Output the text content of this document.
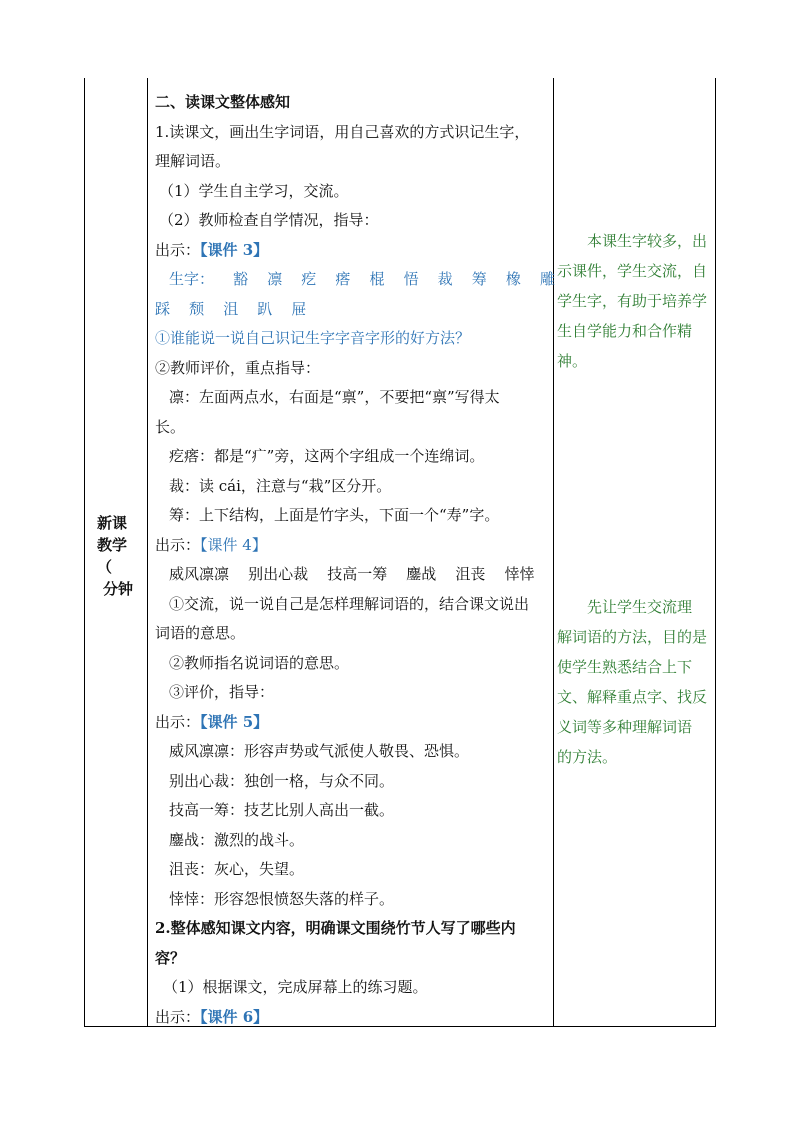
新课
教学
（
分钟
二、读课文整体感知
1.读课文，画出生字词语，用自己喜欢的方式识记生字，
理解词语。
（1）学生自主学习，交流。
（2）教师检查自学情况，指导：
出示：【课件 3】
生字： 豁 凛 疙 瘩 棍 悟 裁 筹 橡 雕
踩 颓 沮 趴 屉
①谁能说一说自己识记生字字音字形的好方法？
②教师评价，重点指导：
凛：左面两点水，右面是“禀”，不要把“禀”写得太
长。
疙瘩：都是“疒”旁，这两个字组成一个连绵词。
裁：读 cái，注意与“栽”区分开。
筹：上下结构，上面是竹字头，下面一个“寿”字。
出示：【课件 4】
威风凛凛 别出心裁 技高一筹 鏖战 沮丧 悻悻
①交流，说一说自己是怎样理解词语的，结合课文说出
词语的意思。
②教师指名说词语的意思。
③评价，指导：
出示：【课件 5】
威风凛凛：形容声势或气派使人敬畏、恐惧。
别出心裁：独创一格，与众不同。
技高一筹：技艺比别人高出一截。
鏖战：激烈的战斗。
沮丧：灰心，失望。
悻悻：形容怨恨愤怒失落的样子。
2.整体感知课文内容，明确课文围绕竹节人写了哪些内
容？
（1）根据课文，完成屏幕上的练习题。
出示：【课件 6】
本课生字较多，出
示课件，学生交流，自
学生字，有助于培养学
生自学能力和合作精
神。
先让学生交流理
解词语的方法，目的是
使学生熟悉结合上下
文、解释重点字、找反
义词等多种理解词语
的方法。
